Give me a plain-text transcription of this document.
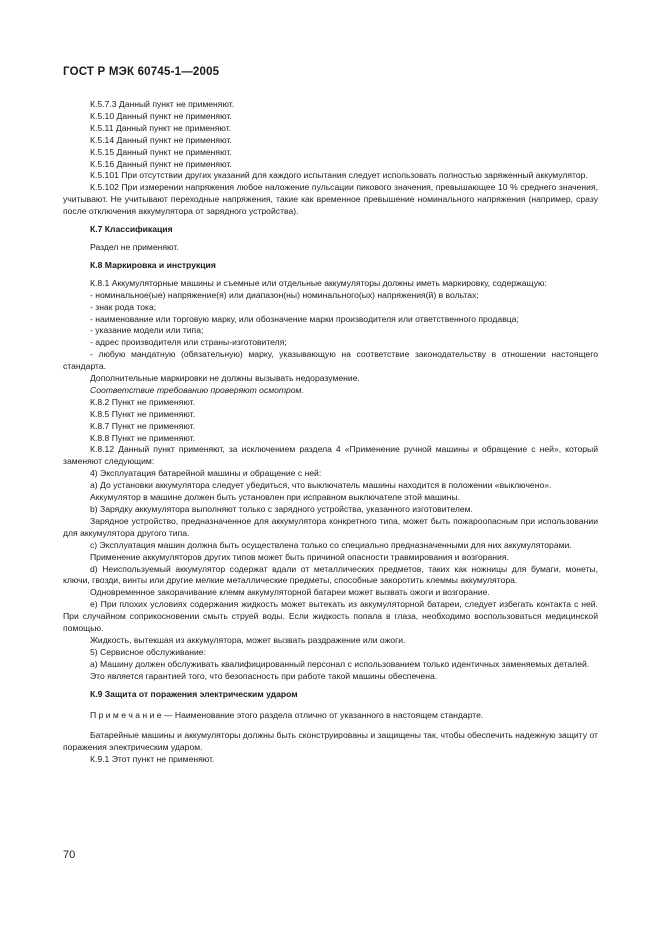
ГОСТ Р МЭК 60745-1—2005

К.5.7.3 Данный пункт не применяют.

К.5.10 Данный пункт не применяют.

К.5.11 Данный пункт не применяют.

К.5.14 Данный пункт не применяют.

К.5.15 Данный пункт не применяют.

К.5.16 Данный пункт не применяют.

К.5.101 При отсутствии других указаний для каждого испытания следует использовать полностью заряженный аккумулятор.

К.5.102 При измерении напряжения любое наложение пульсации пикового значения, превышающее 10 % среднего значения, учитывают. Не учитывают переходные напряжения, такие как временное превышение номинального напряжения (например, сразу после отключения аккумулятора от зарядного устройства).

К.7 Классификация

Раздел не применяют.

К.8 Маркировка и инструкция

К.8.1 Аккумуляторные машины и съемные или отдельные аккумуляторы должны иметь маркировку, содержащую:

- номинальное(ые) напряжение(я) или диапазон(ны) номинального(ых) напряжения(й) в вольтах;

- знак рода тока;

- наименование или торговую марку, или обозначение марки производителя или ответственного продавца;

- указание модели или типа;

- адрес производителя или страны-изготовителя;

- любую мандатную (обязательную) марку, указывающую на соответствие законодательству в отношении настоящего стандарта.

Дополнительные маркировки не должны вызывать недоразумение.

Соответствие требованию проверяют осмотром.

К.8.2 Пункт не применяют.

К.8.5 Пункт не применяют.

К.8.7 Пункт не применяют.

К.8.8 Пункт не применяют.

К.8.12 Данный пункт применяют, за исключением раздела 4 «Применение ручной машины и обращение с ней», который заменяют следующим:

4) Эксплуатация батарейной машины и обращение с ней:

а) До установки аккумулятора следует убедиться, что выключатель машины находится в положении «выключено».

Аккумулятор в машине должен быть установлен при исправном выключателе этой машины.

b) Зарядку аккумулятора выполняют только с зарядного устройства, указанного изготовителем.

Зарядное устройство, предназначенное для аккумулятора конкретного типа, может быть пожароопасным при использовании для аккумулятора другого типа.

с) Эксплуатация машин должна быть осуществлена только со специально предназначенными для них аккумуляторами.

Применение аккумуляторов других типов может быть причиной опасности травмирования и возгорания.

d) Неиспользуемый аккумулятор содержат вдали от металлических предметов, таких как ножницы для бумаги, монеты, ключи, гвозди, винты или другие мелкие металлические предметы, способные закоротить клеммы аккумулятора.

Одновременное закорачивание клемм аккумуляторной батареи может вызвать ожоги и возгорание.

e) При плохих условиях содержания жидкость может вытекать из аккумуляторной батареи, следует избегать контакта с ней. При случайном соприкосновении смыть струей воды. Если жидкость попала в глаза, необходимо воспользоваться медицинской помощью.

Жидкость, вытекшая из аккумулятора, может вызвать раздражение или ожоги.

5) Сервисное обслуживание:

а) Машину должен обслуживать квалифицированный персонал с использованием только идентичных заменяемых деталей.

Это является гарантией того, что безопасность при работе такой машины обеспечена.

К.9 Защита от поражения электрическим ударом

П р и м е ч а н и е — Наименование этого раздела отлично от указанного в настоящем стандарте.

Батарейные машины и аккумуляторы должны быть сконструированы и защищены так, чтобы обеспечить надежную защиту от поражения электрическим ударом.

К.9.1 Этот пункт не применяют.

70
